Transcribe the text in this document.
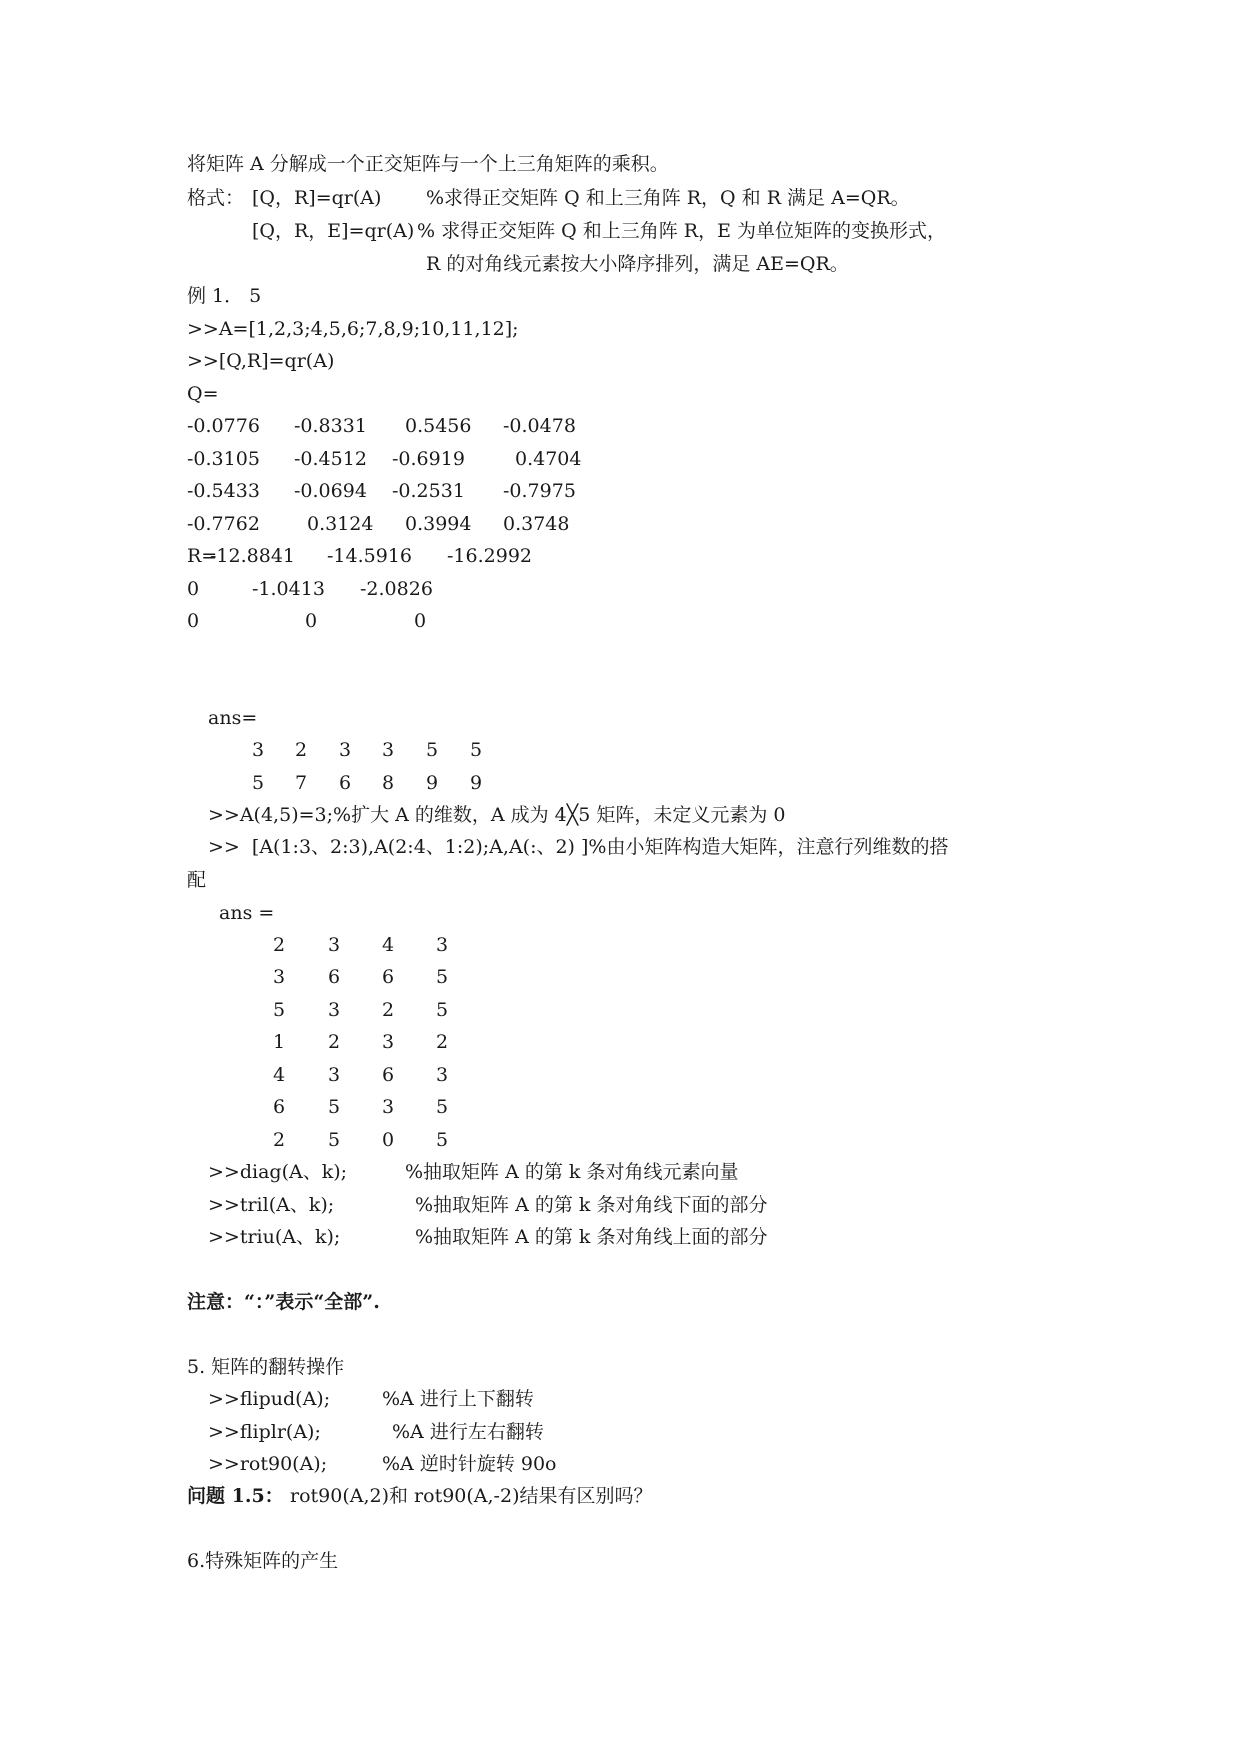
将矩阵 A 分解成一个正交矩阵与一个上三角矩阵的乘积。
格式： [Q，R]=qr(A) %求得正交矩阵 Q 和上三角阵 R，Q 和 R 满足 A=QR。
[Q，R，E]=qr(A) % 求得正交矩阵 Q 和上三角阵 R，E 为单位矩阵的变换形式，
R 的对角线元素按大小降序排列，满足 AE=QR。
例 1． 5
>>A=[1,2,3;4,5,6;7,8,9;10,11,12];
>>[Q,R]=qr(A)
Q=
-0.0776 -0.8331 0.5456 -0.0478
-0.3105 -0.4512 -0.6919	0.4704
-0.5433 -0.0694 -0.2531 -0.7975
-0.7762 0.3124 0.3994 0.3748
R=
-12.8841 -14.5916 -16.2992
0	-1.0413 -2.0826
0	0	0
ans=
3 2 3 3 5 5
5 7 6 8 9 9
>>A(4,5)=3;%扩大 A 的维数，A 成为 4╳5 矩阵，未定义元素为 0
>>  [A(1:3、2:3),A(2:4、1:2);A,A(:、2) ]%由小矩阵构造大矩阵，注意行列维数的搭
配
ans =
2 3 4 3
3 6 6 5
5 3 2 5
1 2 3 2
4 3 6 3
6 5 3 5
2 5 0 5
>>diag(A、k);	%抽取矩阵 A 的第 k 条对角线元素向量
>>tril(A、k);	%抽取矩阵 A 的第 k 条对角线下面的部分
>>triu(A、k);	%抽取矩阵 A 的第 k 条对角线上面的部分
注意：“：”表示“全部”.
5. 矩阵的翻转操作
>>flipud(A);	%A 进行上下翻转
>>fliplr(A);	%A 进行左右翻转
>>rot90(A);	%A 逆时针旋转 90o
问题 1.5： rot90(A,2)和 rot90(A,-2)结果有区别吗？
6.特殊矩阵的产生
